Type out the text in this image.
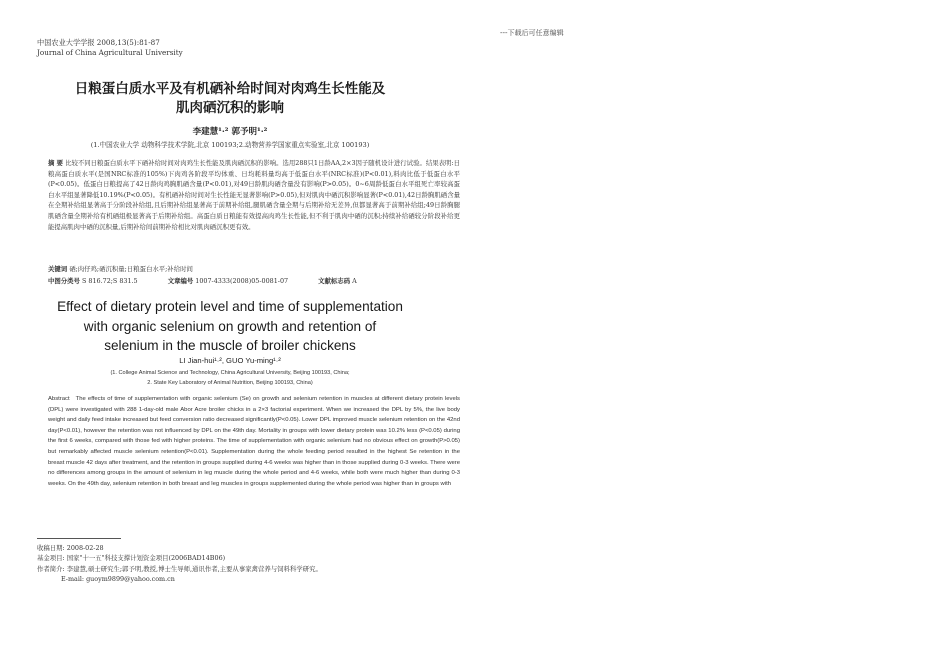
---下载后可任意编辑
中国农业大学学报 2008,13(5):81-87
Journal of China Agricultural University
日粮蛋白质水平及有机硒补给时间对肉鸡生长性能及
肌肉硒沉积的影响
李建慧¹·² 郭予明¹·²
(1.中国农业大学 动物科学技术学院,北京 100193;2.动物营养学国家重点实验室,北京 100193)
摘 要 比较不同日粮蛋白质水平下硒补给时间对肉鸡生长性能及肌肉硒沉积的影响。选用288只1日龄AA,2×3因子随机设计进行试验。结果表明:日粮高蛋白质水平(是国NRC标准的105%)下肉鸡各阶段平均体重、日均耗料量均高于低蛋白水平(NRC标准)(P<0.01),料肉比低于低蛋白水平(P<0.05)。低蛋白日粮提高了42日龄肉鸡胸肌硒含量(P<0.01),对49日龄肌肉硒含量没有影响(P>0.05)。0~6周龄低蛋白水平组死亡率较高蛋白水平组显著降低10.19%(P<0.05)。有机硒补给时间对生长性能无显著影响(P>0.05),但对肌肉中硒沉积影响显著(P<0.01),42日龄胸肌硒含量在全期补给组显著高于分阶段补给组,且后期补给组显著高于前期补给组,腿肌硒含量全期与后期补给无差异,但都显著高于前期补给组;49日龄胸腿肌硒含量全期补给有机硒组极显著高于后期补给组。高蛋白质日粮能有效提高肉鸡生长性能,但不利于肌肉中硒的沉积;持续补给硒较分阶段补给更能提高肌肉中硒的沉积量,后期补给间前期补给相比对肌肉硒沉积更有效。
关键词 硒;肉仔鸡;硒沉积量;日粮蛋白水平;补给时间
中图分类号 S 816.72;S 831.5	文章编号 1007-4333(2008)05-0081-07	文献标志码 A
Effect of dietary protein level and time of supplementation
with organic selenium on growth and retention of
selenium in the muscle of broiler chickens
LI Jian-hui¹·², GUO Yu-ming¹·²
(1. College Animal Science and Technology, China Agricultural University, Beijing 100193, China;
2. State Key Laboratory of Animal Nutrition, Beijing 100193, China)
Abstract The effects of time of supplementation with organic selenium (Se) on growth and selenium retention in muscles at different dietary protein levels (DPL) were investigated with 288 1-day-old male Abor Acre broiler chicks in a 2×3 factorial experiment. When we increased the DPL by 5%, the live body weight and daily feed intake increased but feed conversion ratio decreased significantly(P<0.05). Lower DPL improved muscle selenium retention on the 42nd day(P<0.01), however the retention was not influenced by DPL on the 49th day. Mortality in groups with lower dietary protein was 10.2% less (P<0.05) during the first 6 weeks, compared with those fed with higher proteins. The time of supplementation with organic selenium had no obvious effect on growth(P>0.05) but remarkably affected muscle selenium retention(P<0.01). Supplementation during the whole feeding period resulted in the highest Se retention in the breast muscle 42 days after treatment, and the retention in groups supplied during 4-6 weeks was higher than in those supplied during 0-3 weeks. There were no differences among groups in the amount of selenium in leg muscle during the whole period and 4-6 weeks, while both were much higher than during 0-3 weeks. On the 49th day, selenium retention in both breast and leg muscles in groups supplemented during the whole period was higher than in groups with
收稿日期: 2008-02-28
基金项目: 国家"十一五"科技支撑计划资金项目(2006BAD14B06)
作者简介: 李建慧,硕士研究生;郭予明,教授,博士生导师,通讯作者,主要从事家禽营养与饲料科学研究。
E-mail: guoym9899@yahoo.com.cn
